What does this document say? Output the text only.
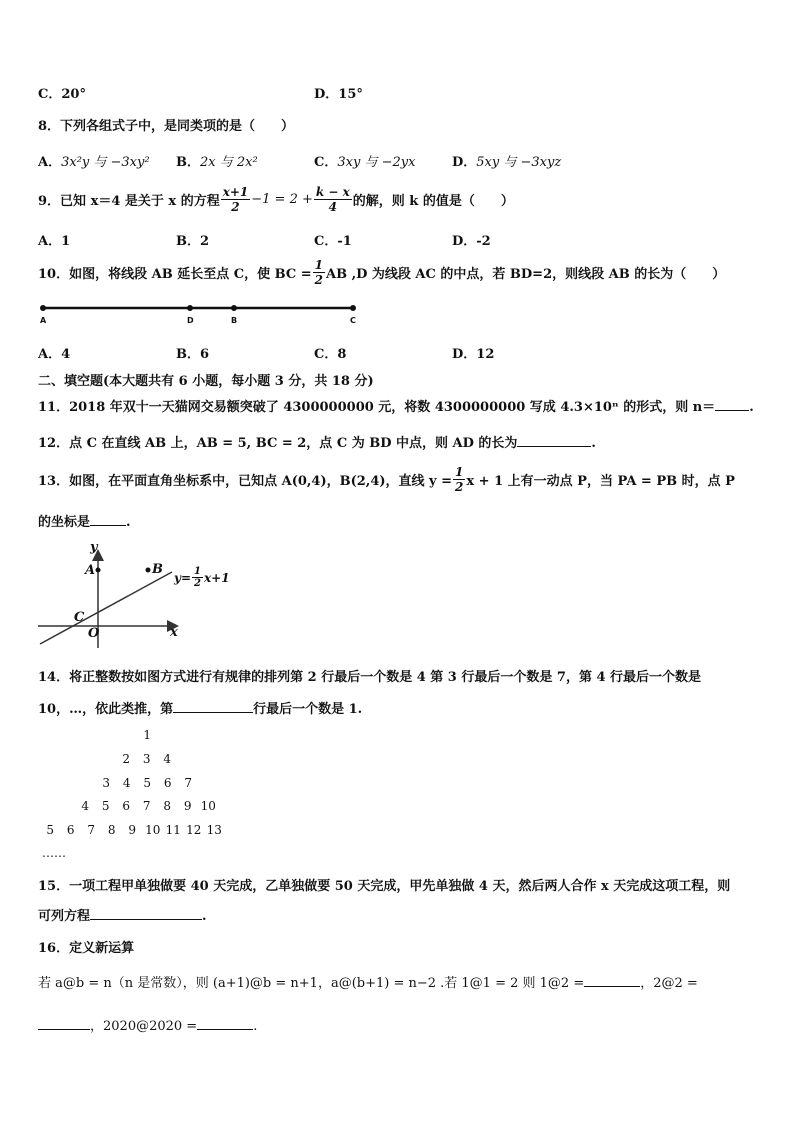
C．20°	D．15°
8．下列各组式子中，是同类项的是（　　）
A．3x²y 与 −3xy² B．2x 与 2x²	C．3xy 与 −2yx	D．5xy 与 −3xyz
9．已知 x＝4 是关于 x 的方程 $\frac{x+1}{2} -1 = 2 + \frac{k - x}{4}$ 的解，则 k 的值是（　　）
A．1	B．2	C．-1	D．-2
10．如图，将线段 AB 延长至点 C，使 BC = $\frac{1}{2}$ AB ,D 为线段 AC 的中点，若 BD=2，则线段 AB 的长为（　　）
A	D	B	C
A．4	B．6	C．8	D．12
二、填空题(本大题共有 6 小题，每小题 3 分，共 18 分)
11．2018 年双十一天猫网交易额突破了 4300000000 元，将数 4300000000 写成 4.3×10ⁿ 的形式，则 n＝	.
12．点 C 在直线 AB 上，AB = 5, BC = 2，点 C 为 BD 中点，则 AD 的长为	.
13．如图，在平面直角坐标系中，已知点 A(0,4)，B(2,4)，直线 $y = \frac{1}{2}$ x + 1 上有一动点 P，当 PA = PB 时，点 P
的坐标是	.
y
x
A	B
C
O
$y= \frac{1}{2} x+1$
14．将正整数按如图方式进行有规律的排列第 2 行最后一个数是 4 第 3 行最后一个数是 7，第 4 行最后一个数是
10，…，依此类推，第	行最后一个数是 1.
1
2 3 4
3 4 5 6 7
4 5 6 7 8 9 10
5 6 7 8 9 10 11 12 13
……
15．一项工程甲单独做要 40 天完成，乙单独做要 50 天完成，甲先单独做 4 天，然后两人合作 x 天完成这项工程，则
可列方程	.
16．定义新运算
若 a@b = n（n 是常数），则 (a+1)@b = n+1，a@(b+1) = n−2 .若 1@1 = 2 则 1@2 =	，2@2 =
，2020@2020 =	.
